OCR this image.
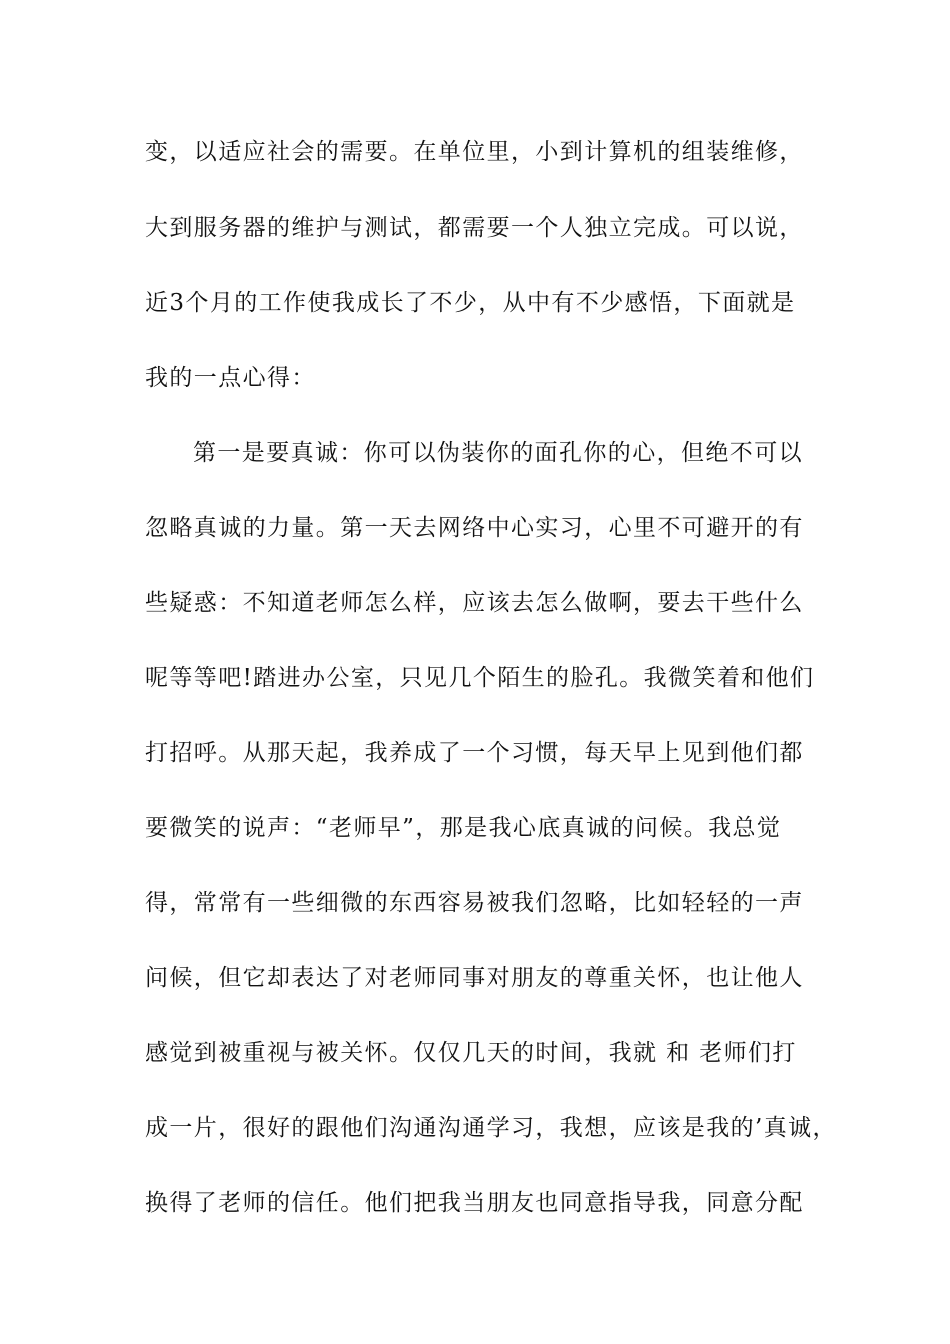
变，以适应社会的需要。在单位里，小到计算机的组装维修，
大到服务器的维护与测试，都需要一个人独立完成。可以说，
近3个月的工作使我成长了不少，从中有不少感悟，下面就是
我的一点心得：
第一是要真诚：你可以伪装你的面孔你的心，但绝不可以
忽略真诚的力量。第一天去网络中心实习，心里不可避开的有
些疑惑：不知道老师怎么样，应该去怎么做啊，要去干些什么
呢等等吧!踏进办公室，只见几个陌生的脸孔。我微笑着和他们
打招呼。从那天起，我养成了一个习惯，每天早上见到他们都
要微笑的说声：“老师早”，那是我心底真诚的问候。我总觉
得，常常有一些细微的东西容易被我们忽略，比如轻轻的一声
问候，但它却表达了对老师同事对朋友的尊重关怀，也让他人
感觉到被重视与被关怀。仅仅几天的时间，我就 和 老师们打
成一片，很好的跟他们沟通沟通学习，我想，应该是我的’真诚，
换得了老师的信任。他们把我当朋友也同意指导我，同意分配
